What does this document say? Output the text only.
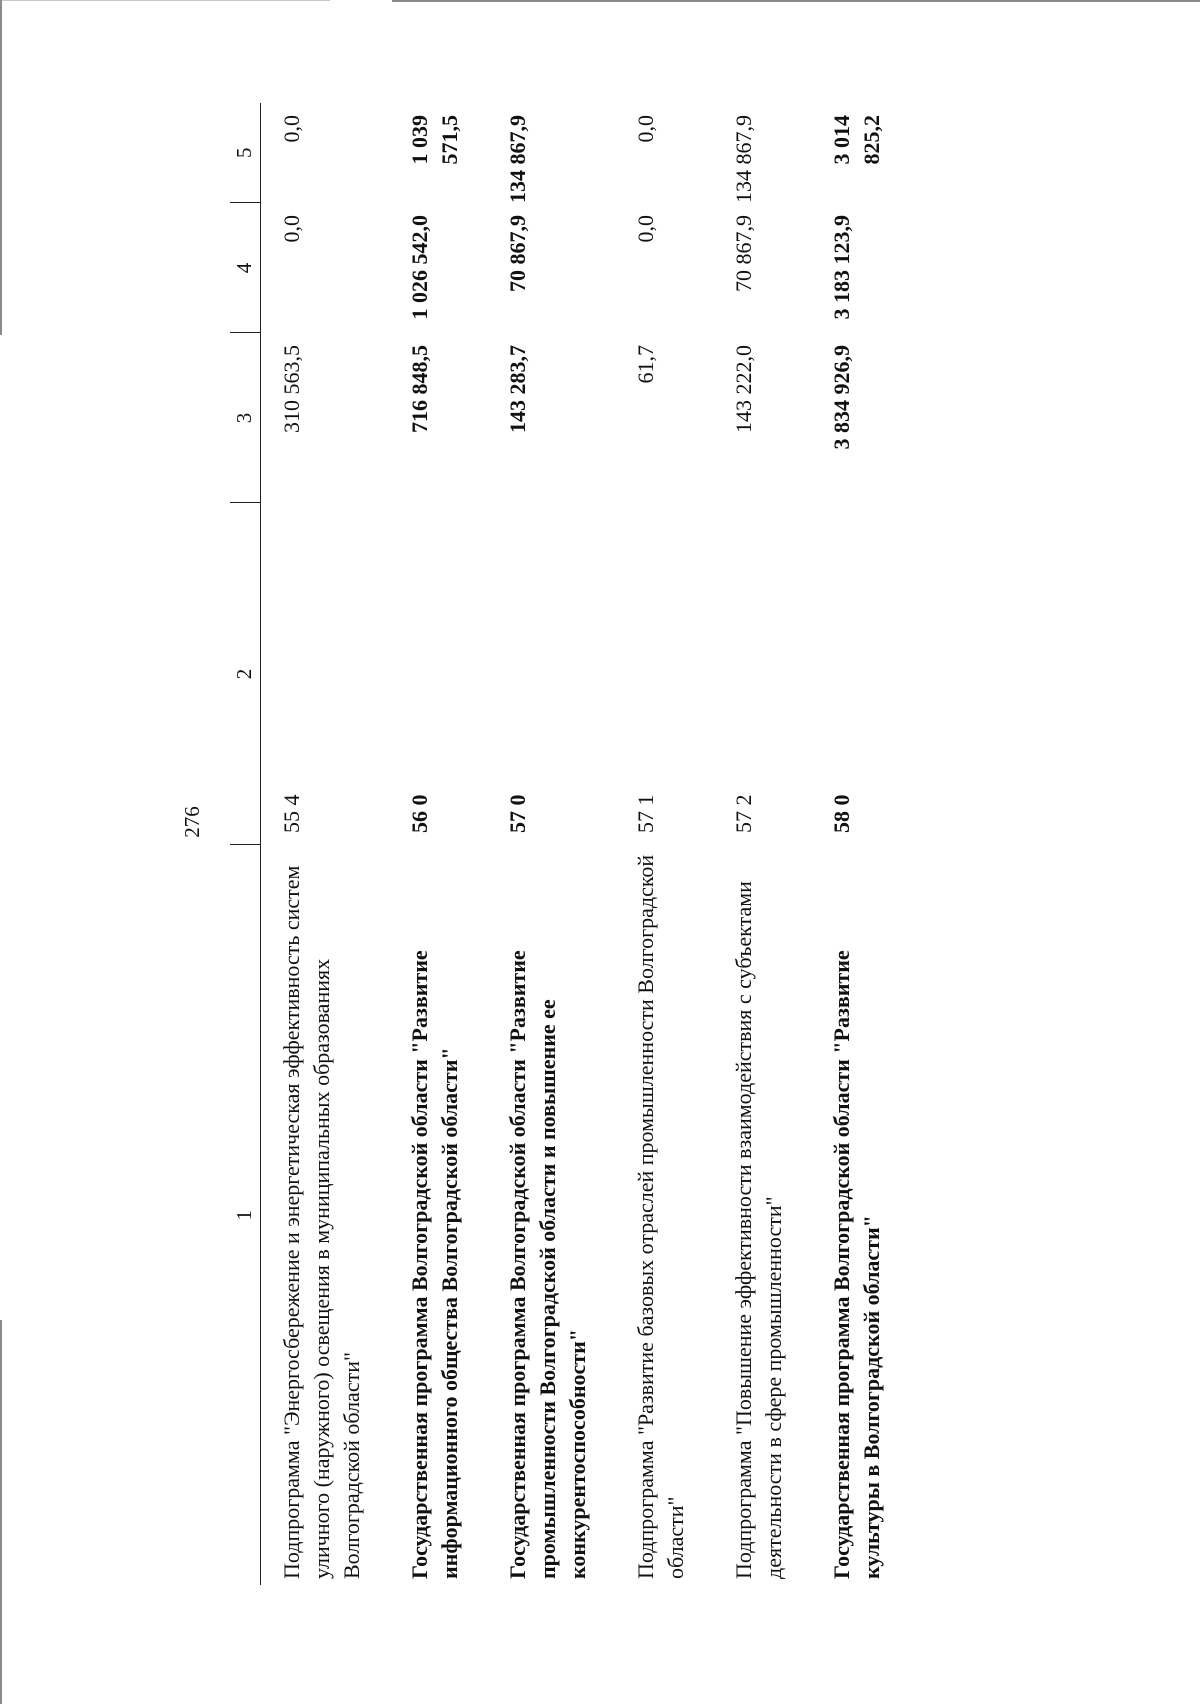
276
1	2	3	4	5
Подпрограмма "Энергосбережение и энергетическая эффективность систем уличного (наружного) освещения в муниципальных образованиях Волгоградской области"	55 4	310 563,5	0,0	0,0

Государственная программа Волгоградской области "Развитие информационного общества Волгоградской области"	56 0	716 848,5	1 026 542,0	1 039 571,5

Государственная программа Волгоградской области "Развитие промышленности Волгоградской области и повышение ее конкурентоспособности"	57 0	143 283,7	70 867,9	134 867,9

Подпрограмма "Развитие базовых отраслей промышленности Волгоградской области"	57 1	61,7	0,0	0,0

Подпрограмма "Повышение эффективности взаимодействия с субъектами деятельности в сфере промышленности"	57 2	143 222,0	70 867,9	134 867,9

Государственная программа Волгоградской области "Развитие культуры в Волгоградской области"	58 0	3 834 926,9	3 183 123,9	3 014 825,2
